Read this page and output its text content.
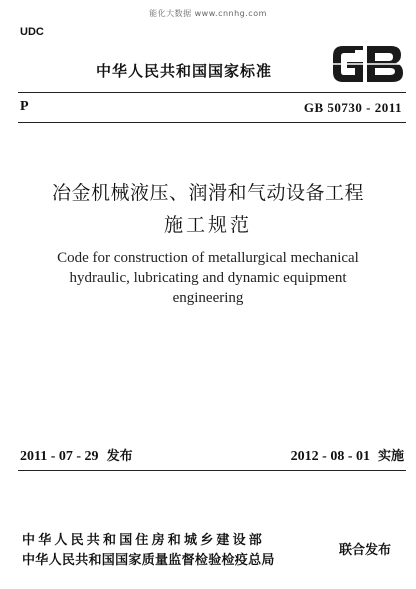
能化大数据 www.cnnhg.com
UDC
中华人民共和国国家标准
P	GB 50730 - 2011
冶金机械液压、润滑和气动设备工程
施工规范
Code for construction of metallurgical mechanical
hydraulic, lubricating and dynamic equipment
engineering
2011 - 07 - 29 发布	2012 - 08 - 01 实施
中华人民共和国住房和城乡建设部
中华人民共和国国家质量监督检验检疫总局
联合发布
